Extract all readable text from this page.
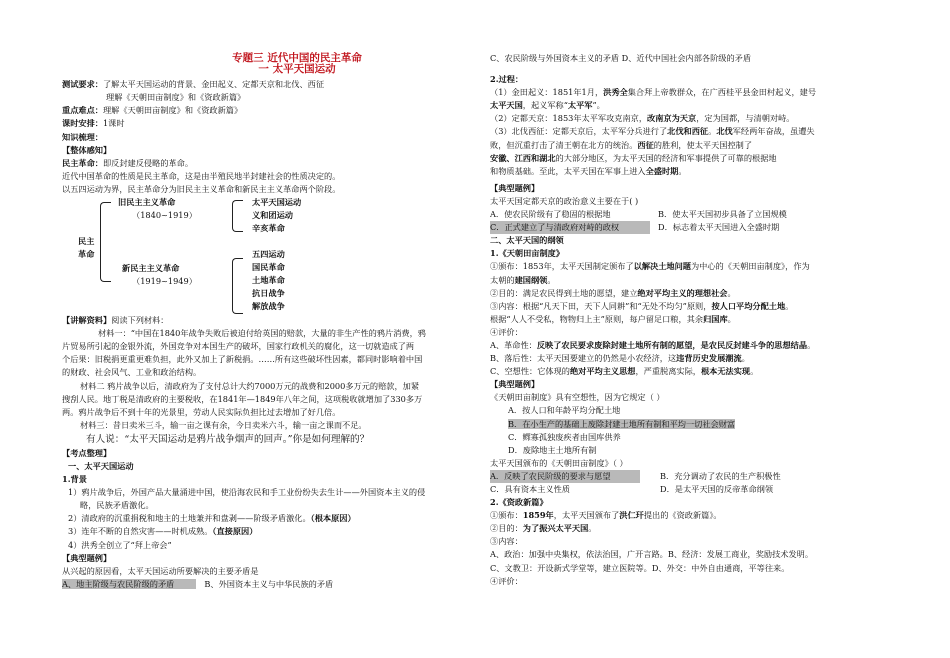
专题三 近代中国的民主革命
一 太平天国运动
测试要求：了解太平天国运动的背景、金田起义、定都天京和北伐、西征
理解《天朝田亩制度》和《资政新篇》
重点难点：理解《天朝田亩制度》和《资政新篇》
课时安排：1课时
知识梳理：
【整体感知】
民主革命：即反封建反侵略的革命。
近代中国革命的性质是民主革命，这是由半殖民地半封建社会的性质决定的。
以五四运动为界，民主革命分为旧民主主义革命和新民主主义革命两个阶段。
旧民主主义革命
（1840~1919）
太平天国运动
义和团运动
辛亥革命
民主
革命
新民主主义革命
（1919~1949）
五四运动
国民革命
土地革命
抗日战争
解放战争
【讲解资料】阅读下列材料：
材料一：“中国在1840年战争失败后被迫付给英国的赔款，大量的非生产性的鸦片消费，鸦
片贸易所引起的金银外流，外国竞争对本国生产的破坏，国家行政机关的腐化，这一切就造成了两
个后果：旧税捐更重更难负担，此外又加上了新税捐。……所有这些破坏性因素，都同时影响着中国
的财政、社会风气、工业和政治结构。
材料二 鸦片战争以后，清政府为了支付总计大约7000万元的战费和2000多万元的赔款，加紧
搜刮人民。地丁税是清政府的主要税收，在1841年—1849年八年之间，这项税收就增加了330多万
两。鸦片战争后不到十年的光景里，劳动人民实际负担比过去增加了好几倍。
材料三：昔日卖米三斗，输一亩之课有余，今日卖米六斗，输一亩之课而不足。
有人说：“太平天国运动是鸦片战争烟声的回声。”你是如何理解的？
【考点整理】
一、太平天国运动
1.背景
1）鸦片战争后，外国产品大量涌进中国，使沿海农民和手工业份纷失去生计——外国资本主义的侵
略，民族矛盾激化。
2）清政府的沉重捐税和地主的土地兼并和盘剥——阶级矛盾激化。（根本原因）
3）连年不断的自然灾害——时机成熟。（直接原因）
4）洪秀全创立了“拜上帝会”
【典型题例】
从兴起的原因看，太平天国运动所要解决的主要矛盾是
A、地主阶级与农民阶级的矛盾	B、外国资本主义与中华民族的矛盾
C、农民阶级与外国资本主义的矛盾 D、近代中国社会内部各阶级的矛盾
2.过程：
（1）金田起义：1851年1月，洪秀全集合拜上帝教群众，在广西桂平县金田村起义，建号
太平天国，起义军称“太平军”。
（2）定都天京：1853年太平军攻克南京，改南京为天京，定为国都，与清朝对峙。
（3）北伐西征：定都天京后，太平军分兵进行了北伐和西征。北伐军经两年奋战，虽遭失
败，但沉重打击了清王朝在北方的统治。西征的胜利，使太平天国控制了
安徽、江西和湖北的大部分地区，为太平天国的经济和军事提供了可靠的根据地
和物质基础。至此，太平天国在军事上进入全盛时期。
【典型题例】
太平天国定都天京的政治意义主要在于( )
A．使农民阶级有了稳固的根据地	B．使太平天国初步具备了立国规模
C．正式建立了与清政府对峙的政权	D．标志着太平天国进入全盛时期
二、太平天国的纲领
1.《天朝田亩制度》
①颁布：1853年，太平天国制定颁布了以解决土地问题为中心的《天朝田亩制度》，作为
太朝的建国纲领。
②目的：满足农民得到土地的愿望，建立绝对平均主义的理想社会。
③内容：根据“凡天下田，天下人同耕”和“无处不均匀”原则，按人口平均分配土地。
根据“人人不受私，物物归上主”原则，每户留足口粮，其余归国库。
④评价：
A、革命性：反映了农民要求废除封建土地所有制的愿望，是农民反封建斗争的思想结晶。
B、落后性：太平天国要建立的仍然是小农经济，这违背历史发展潮流。
C、空想性：它体现的绝对平均主义思想，严重脱离实际，根本无法实现。
【典型题例】
《天朝田亩制度》具有空想性，因为它规定（ ）
A．按人口和年龄平均分配土地
B．在小生产的基础上废除封建土地所有制和平均一切社会财富
C．鳏寡孤独废疾者由国库供养
D．废除地主土地所有制
太平天国颁布的《天朝田亩制度》（ ）
A．反映了农民阶级的要求与愿望	B．充分调动了农民的生产积极性
C．具有资本主义性质	D．是太平天国的反帝革命纲领
2.《资政新篇》
①颁布：1859年，太平天国颁布了洪仁玕提出的《资政新篇》。
②目的：为了振兴太平天国。
③内容：
A、政治：加强中央集权，依法治国，广开言路。B、经济：发展工商业，奖励技术发明。
C、文教卫：开设新式学堂等，建立医院等。D、外交：中外自由通商，平等往来。
④评价：
